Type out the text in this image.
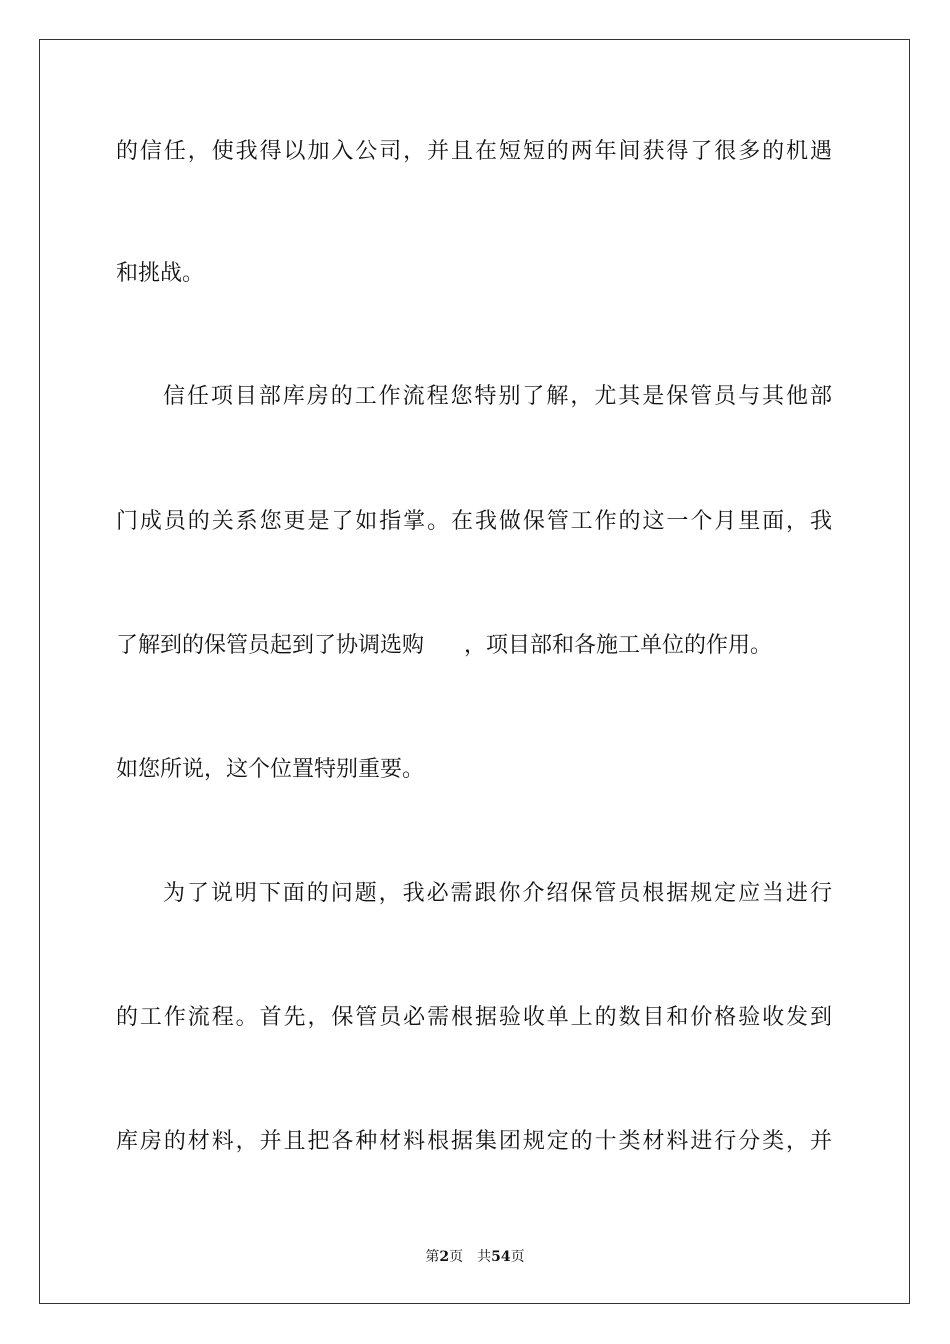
的信任，使我得以加入公司，并且在短短的两年间获得了很多的机遇
和挑战。
信任项目部库房的工作流程您特别了解，尤其是保管员与其他部
门成员的关系您更是了如指掌。在我做保管工作的这一个月里面，我
了解到的保管员起到了协调选购 ，项目部和各施工单位的作用。
如您所说，这个位置特别重要。
为了说明下面的问题，我必需跟你介绍保管员根据规定应当进行
的工作流程。首先，保管员必需根据验收单上的数目和价格验收发到
库房的材料，并且把各种材料根据集团规定的十类材料进行分类，并
第2页 共54页
